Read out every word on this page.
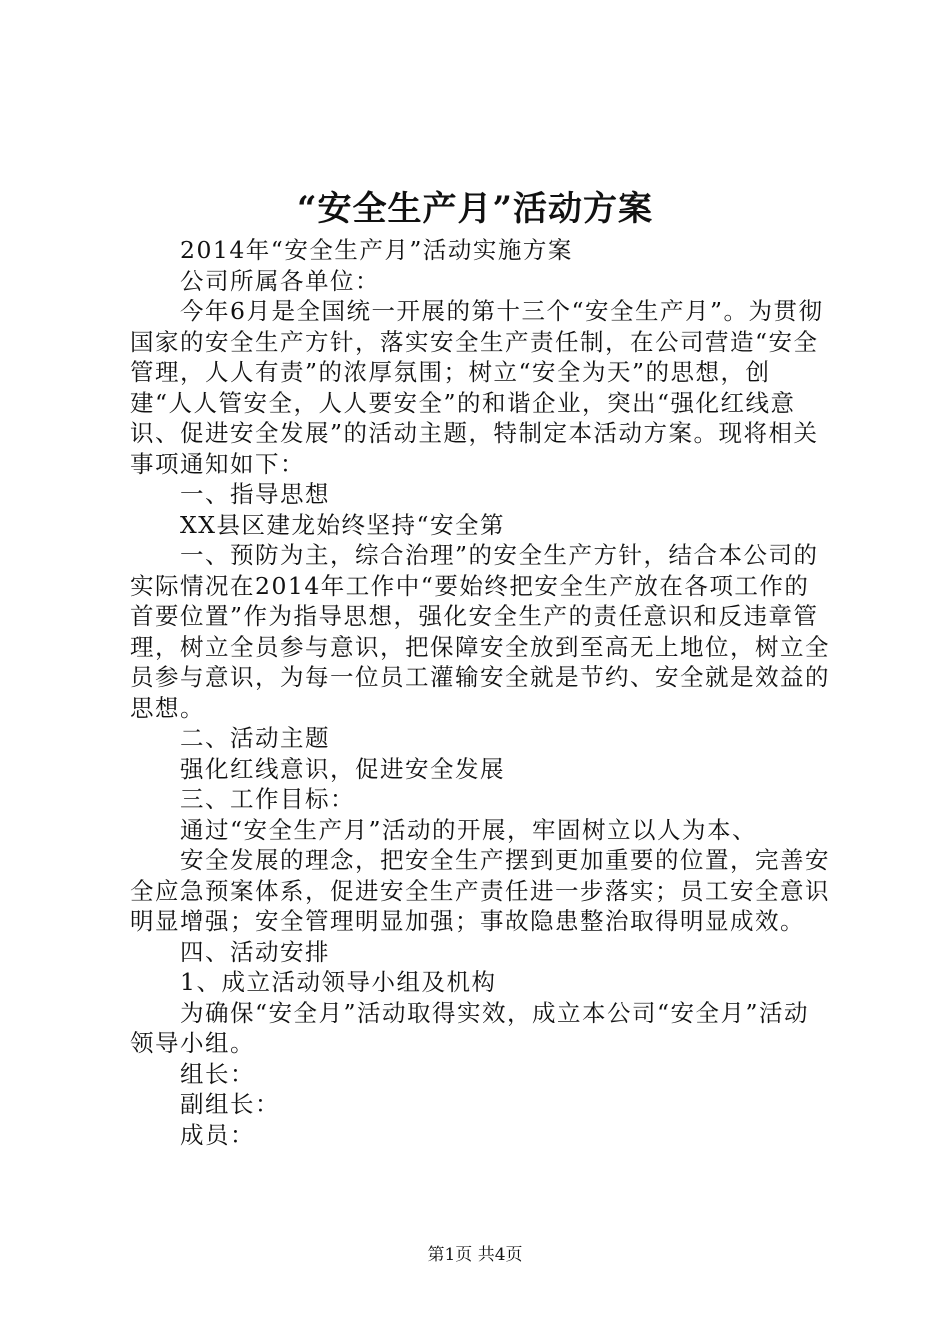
“安全生产月”活动方案

2014年“安全生产月”活动实施方案

公司所属各单位：

今年6月是全国统一开展的第十三个“安全生产月”。为贯彻国家的安全生产方针，落实安全生产责任制，在公司营造“安全管理，人人有责”的浓厚氛围；树立“安全为天”的思想，创建“人人管安全，人人要安全”的和谐企业，突出“强化红线意识、促进安全发展”的活动主题，特制定本活动方案。现将相关事项通知如下：

一、指导思想

XX县区建龙始终坚持“安全第

一、预防为主，综合治理”的安全生产方针，结合本公司的实际情况在2014年工作中“要始终把安全生产放在各项工作的首要位置”作为指导思想，强化安全生产的责任意识和反违章管理，树立全员参与意识，把保障安全放到至高无上地位，树立全员参与意识，为每一位员工灌输安全就是节约、安全就是效益的思想。

二、活动主题

强化红线意识，促进安全发展

三、工作目标：

通过“安全生产月”活动的开展，牢固树立以人为本、

安全发展的理念，把安全生产摆到更加重要的位置，完善安全应急预案体系，促进安全生产责任进一步落实；员工安全意识明显增强；安全管理明显加强；事故隐患整治取得明显成效。

四、活动安排

1、成立活动领导小组及机构

为确保“安全月”活动取得实效，成立本公司“安全月”活动领导小组。

组长：

副组长：

成员：

第1页 共4页
